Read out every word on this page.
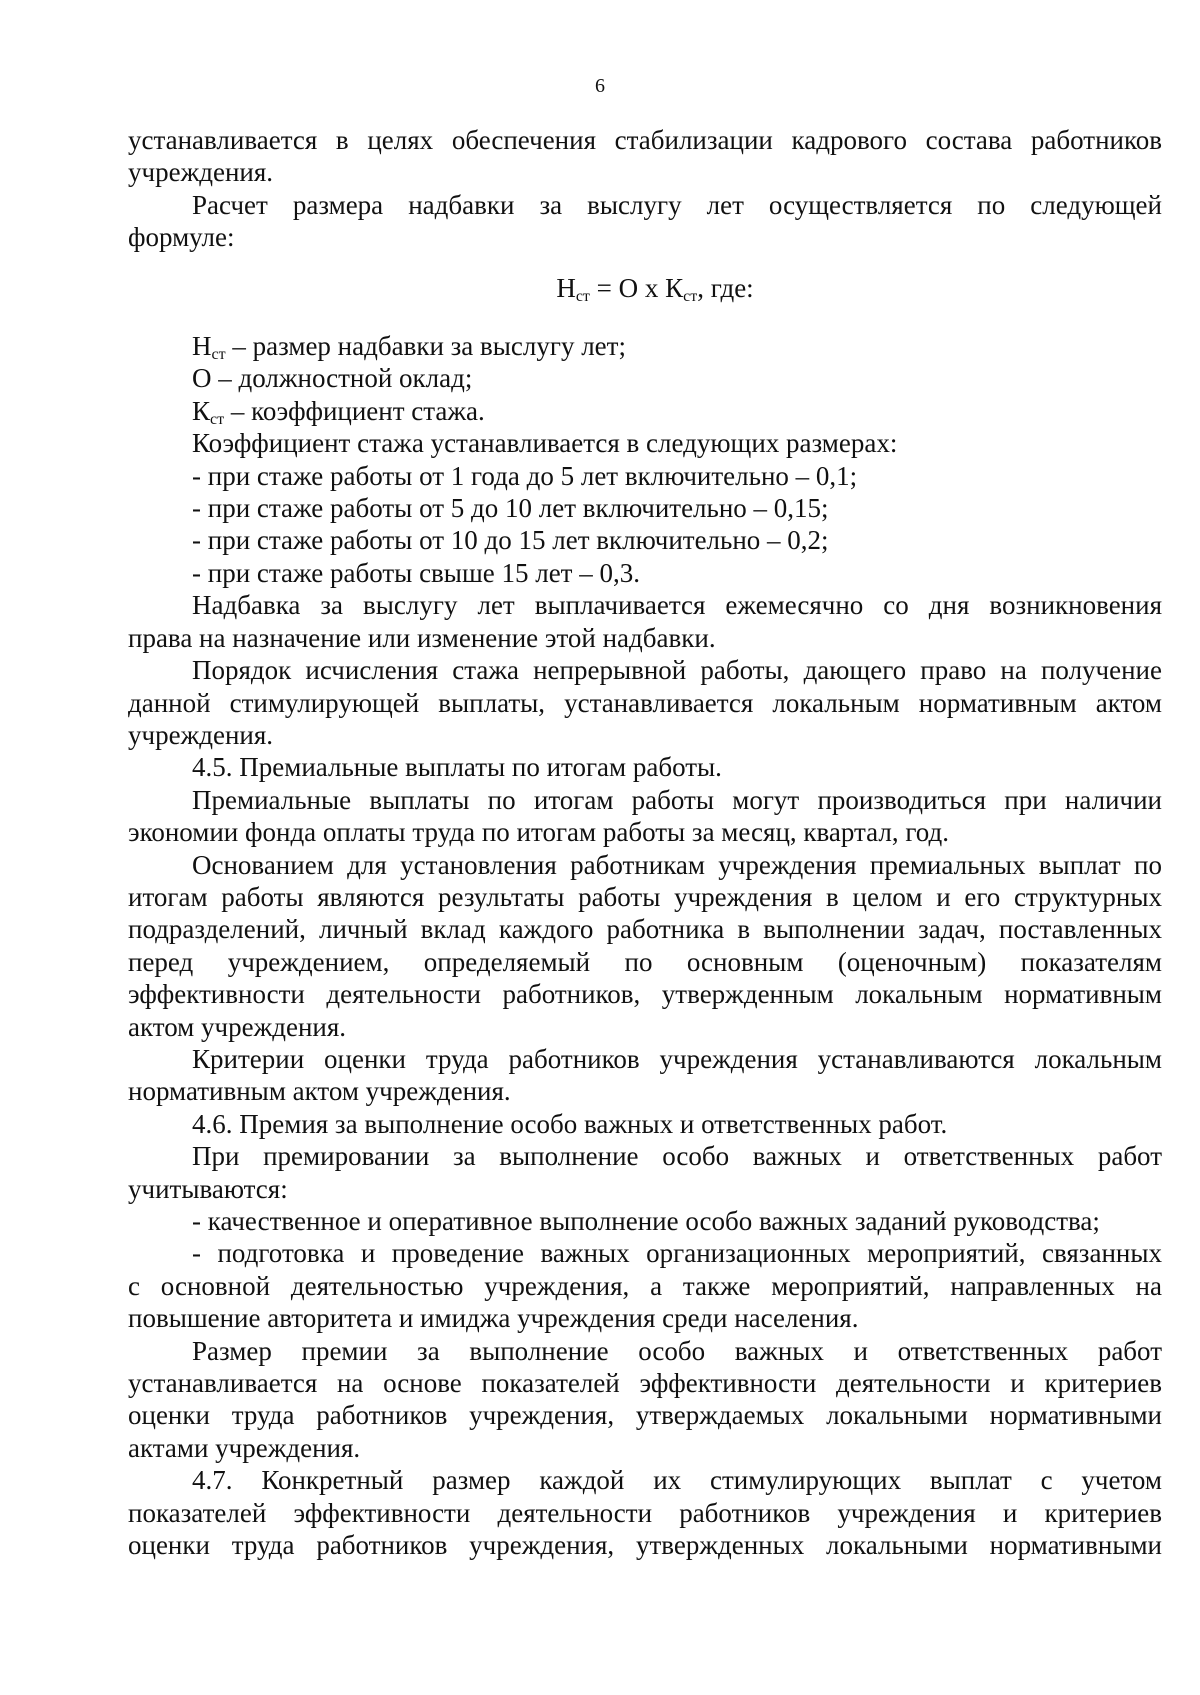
6

устанавливается в целях обеспечения стабилизации кадрового состава работников

учреждения.

Расчет размера надбавки за выслугу лет осуществляется по следующей

формуле:

$Н_{ст} = О$ х $К_{ст}$, где:

$Н_{ст}$ – размер надбавки за выслугу лет;

О – должностной оклад;

$К_{ст}$ – коэффициент стажа.

Коэффициент стажа устанавливается в следующих размерах:

- при стаже работы от 1 года до 5 лет включительно – 0,1;

- при стаже работы от 5 до 10 лет включительно – 0,15;

- при стаже работы от 10 до 15 лет включительно – 0,2;

- при стаже работы свыше 15 лет – 0,3.

Надбавка за выслугу лет выплачивается ежемесячно со дня возникновения

права на назначение или изменение этой надбавки.

Порядок исчисления стажа непрерывной работы, дающего право на получение

данной стимулирующей выплаты, устанавливается локальным нормативным актом

учреждения.

4.5. Премиальные выплаты по итогам работы.

Премиальные выплаты по итогам работы могут производиться при наличии

экономии фонда оплаты труда по итогам работы за месяц, квартал, год.

Основанием для установления работникам учреждения премиальных выплат по

итогам работы являются результаты работы учреждения в целом и его структурных

подразделений, личный вклад каждого работника в выполнении задач, поставленных

перед учреждением, определяемый по основным (оценочным) показателям

эффективности деятельности работников, утвержденным локальным нормативным

актом учреждения.

Критерии оценки труда работников учреждения устанавливаются локальным

нормативным актом учреждения.

4.6. Премия за выполнение особо важных и ответственных работ.

При премировании за выполнение особо важных и ответственных работ

учитываются:

- качественное и оперативное выполнение особо важных заданий руководства;

- подготовка и проведение важных организационных мероприятий, связанных

с основной деятельностью учреждения, а также мероприятий, направленных на

повышение авторитета и имиджа учреждения среди населения.

Размер премии за выполнение особо важных и ответственных работ

устанавливается на основе показателей эффективности деятельности и критериев

оценки труда работников учреждения, утверждаемых локальными нормативными

актами учреждения.

4.7. Конкретный размер каждой их стимулирующих выплат с учетом

показателей эффективности деятельности работников учреждения и критериев

оценки труда работников учреждения, утвержденных локальными нормативными
